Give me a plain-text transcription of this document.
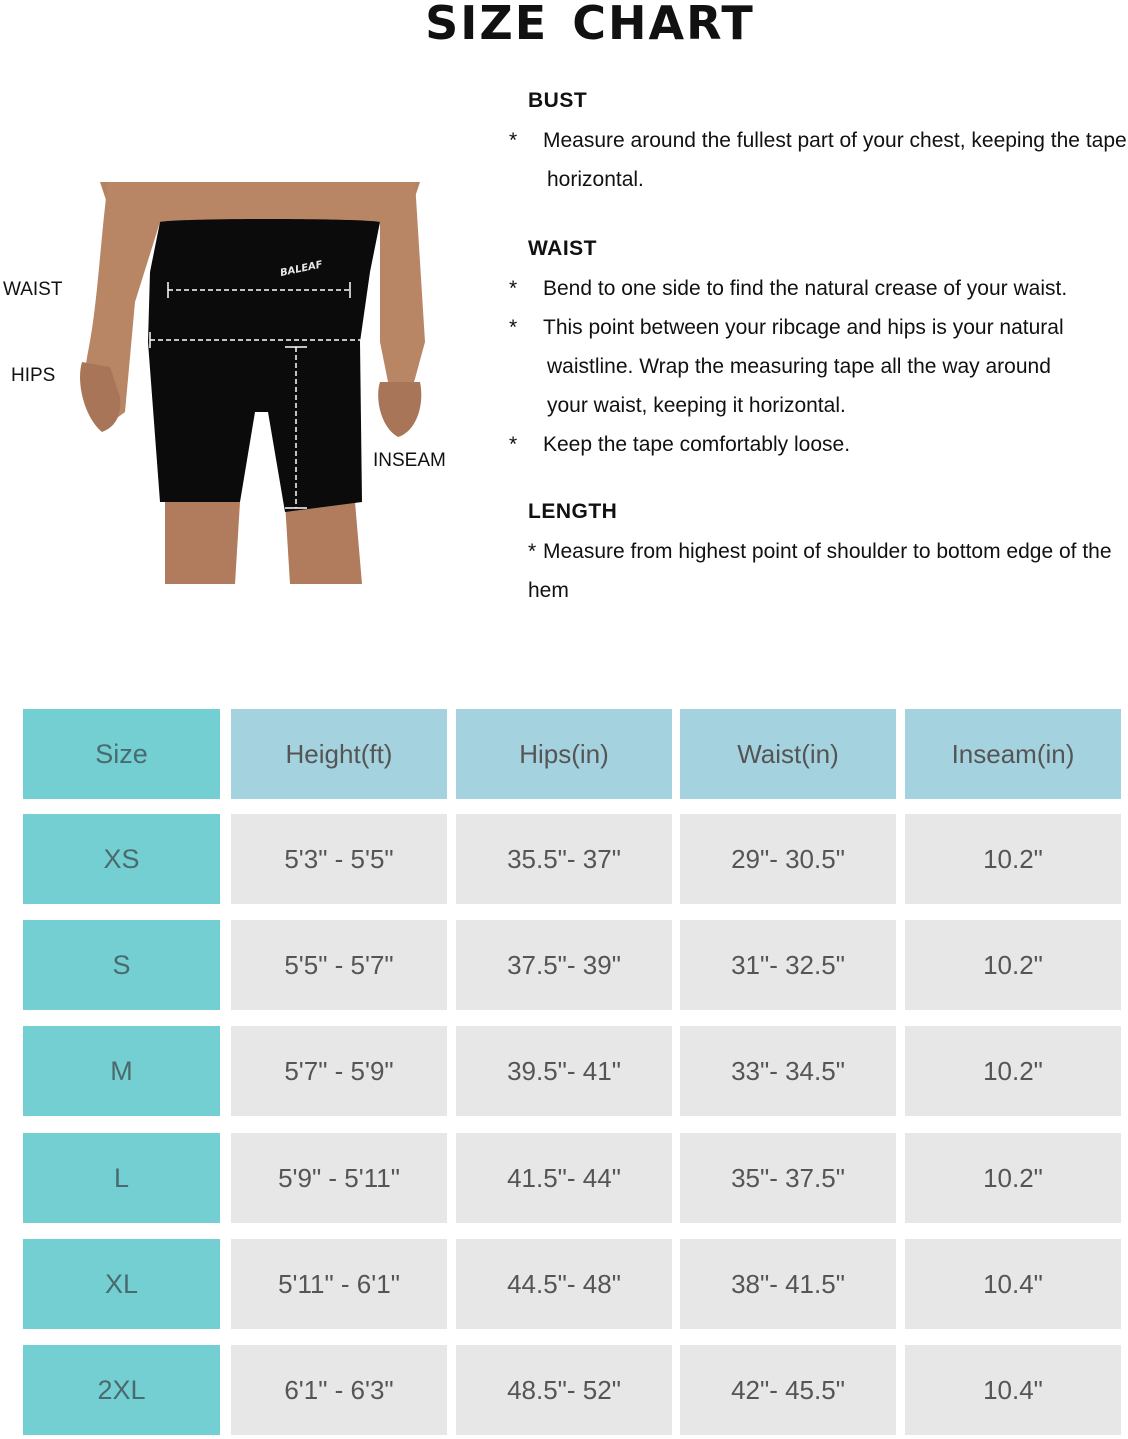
SIZE CHART
BALEAF
WAIST
HIPS
INSEAM
BUST
* Measure around the fullest part of your chest, keeping the tape horizontal.
WAIST
* Bend to one side to find the natural crease of your waist.
* This point between your ribcage and hips is your natural waistline. Wrap the measuring tape all the way around your waist, keeping it horizontal.
* Keep the tape comfortably loose.
LENGTH
* Measure from highest point of shoulder to bottom edge of the hem
Size	Height(ft)	Hips(in)	Waist(in)	Inseam(in)
XS	5'3" - 5'5"	35.5"- 37"	29"- 30.5"	10.2"
S	5'5" - 5'7"	37.5"- 39"	31"- 32.5"	10.2"
M	5'7" - 5'9"	39.5"- 41"	33"- 34.5"	10.2"
L	5'9" - 5'11"	41.5"- 44"	35"- 37.5"	10.2"
XL	5'11" - 6'1"	44.5"- 48"	38"- 41.5"	10.4"
2XL	6'1" - 6'3"	48.5"- 52"	42"- 45.5"	10.4"
